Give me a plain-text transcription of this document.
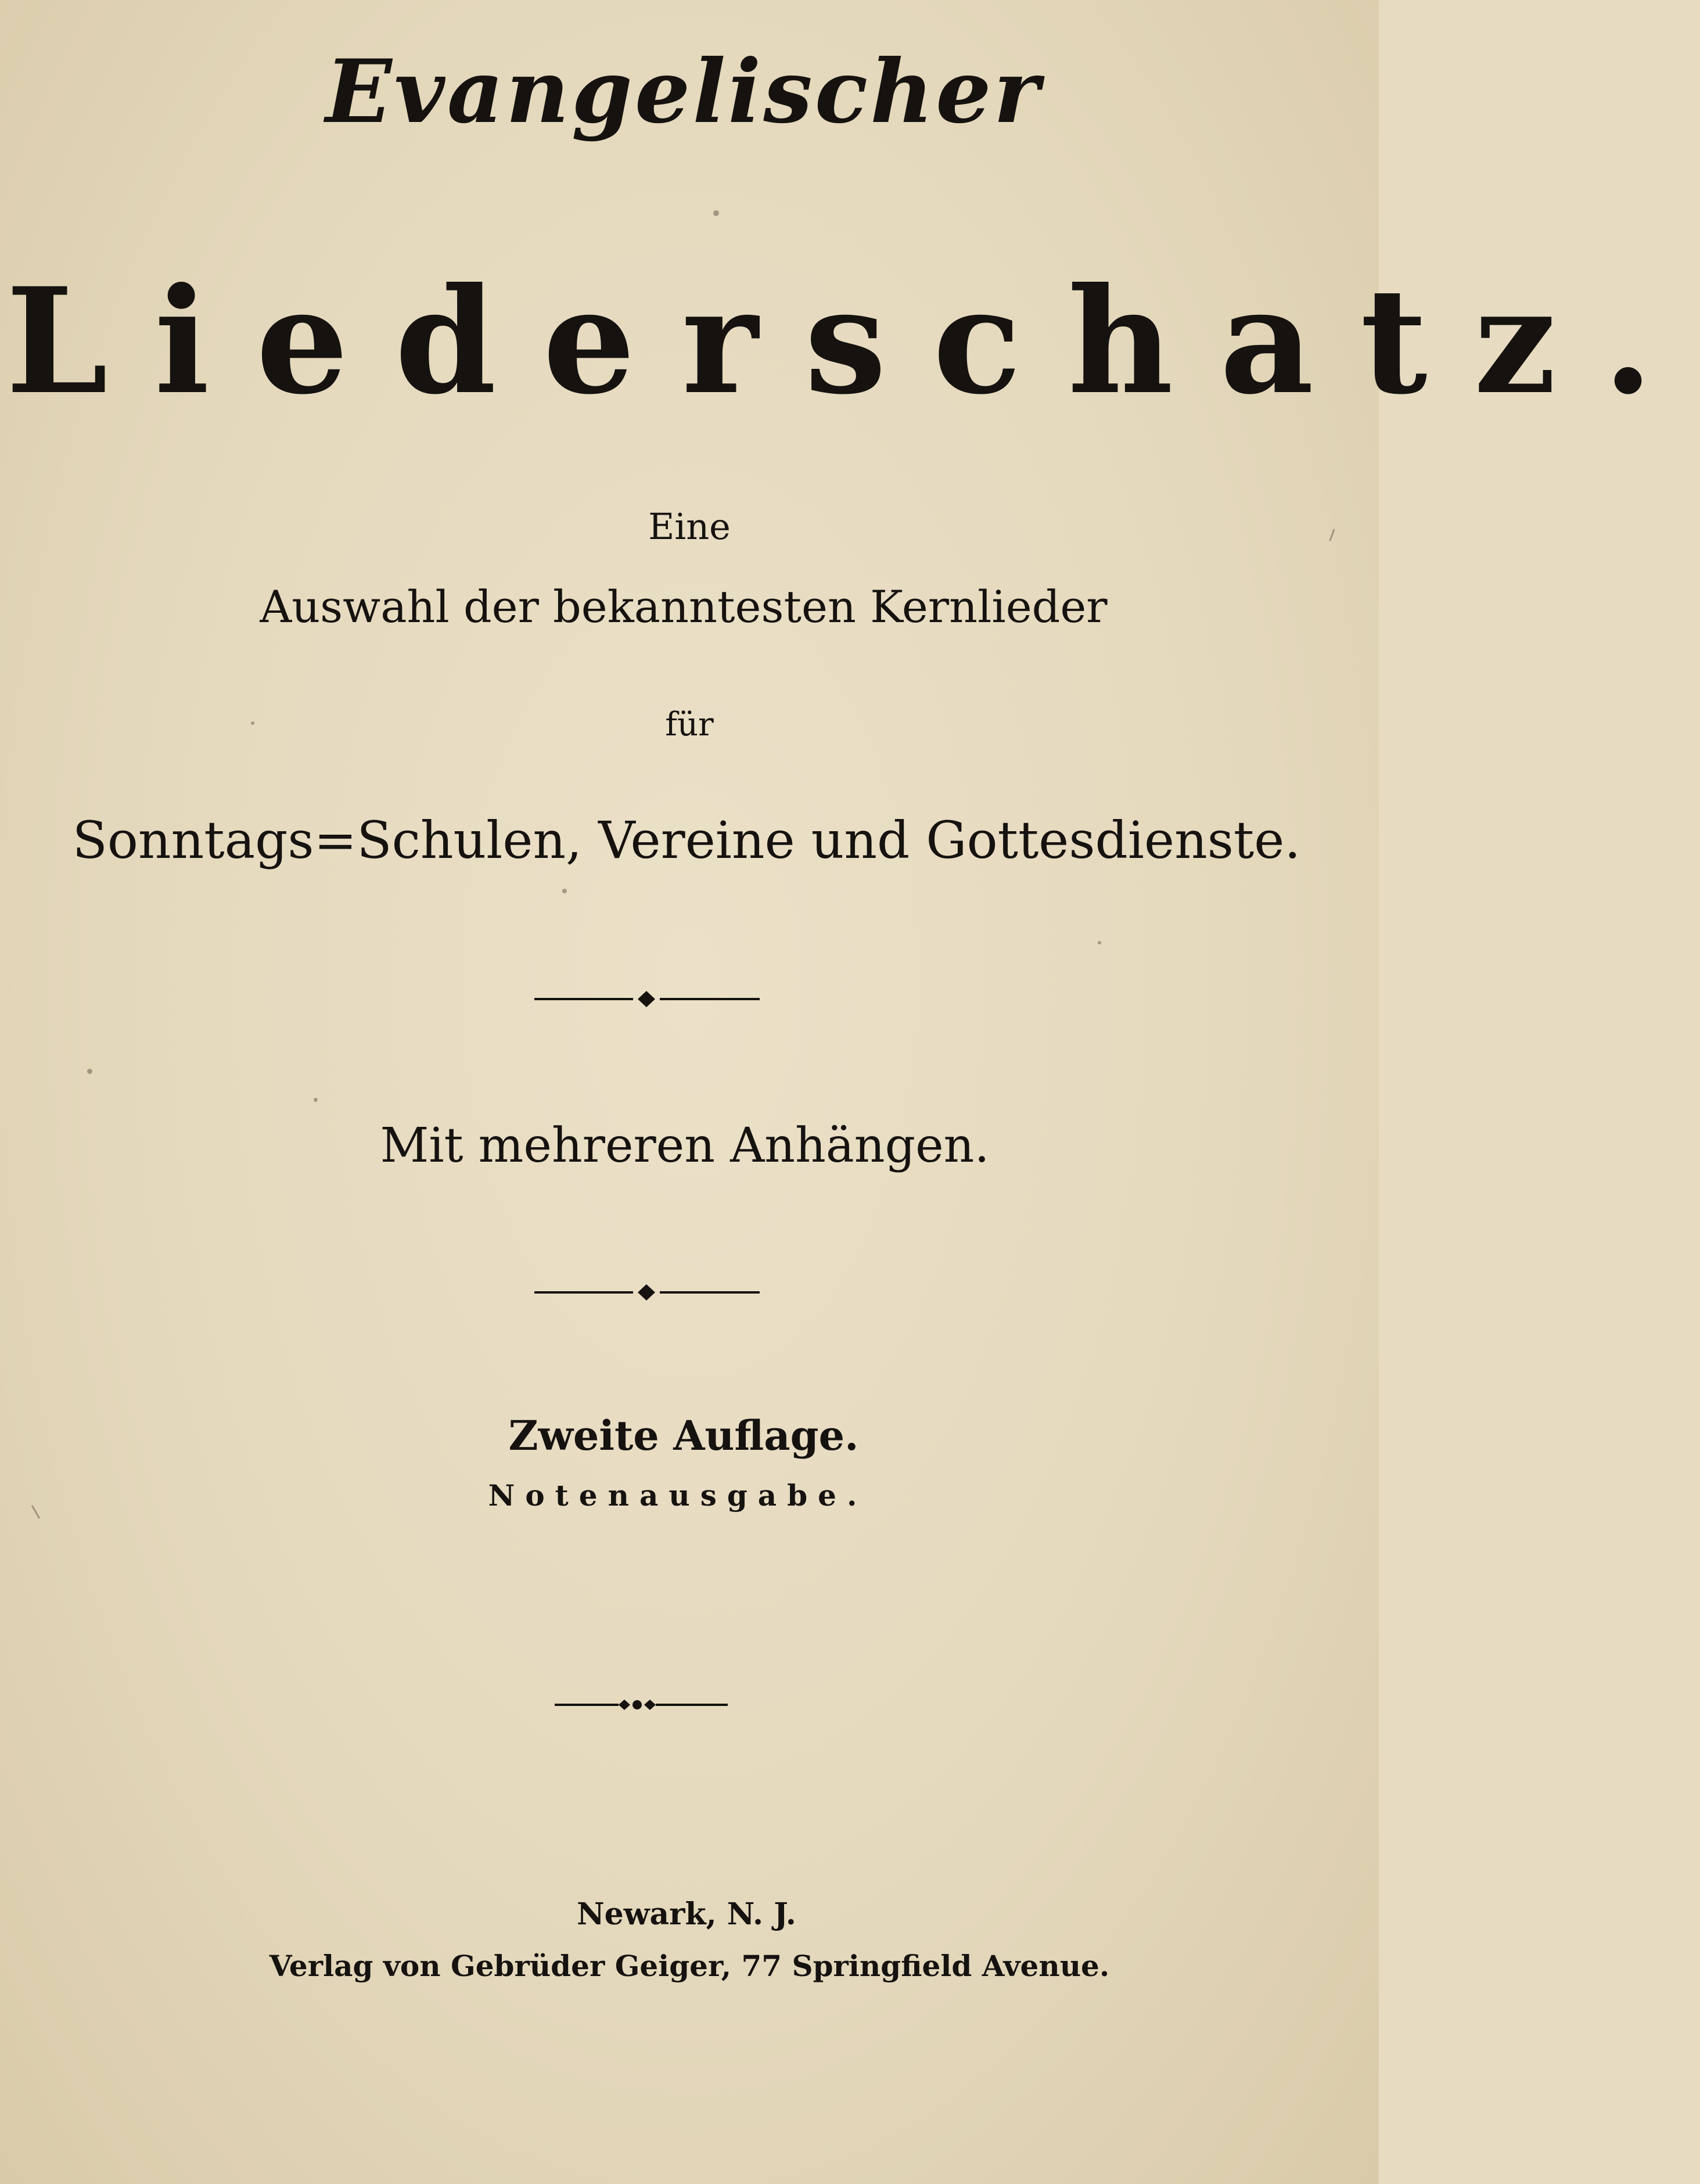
Evangelischer
Liederschatz.
Eine
Auswahl der bekanntesten Kernlieder
für
Sonntags=Schulen, Vereine und Gottesdienste.
Mit mehreren Anhängen.
Zweite Auflage.
Notenausgabe.
Newark, N. J.
Verlag von Gebrüder Geiger, 77 Springfield Avenue.
